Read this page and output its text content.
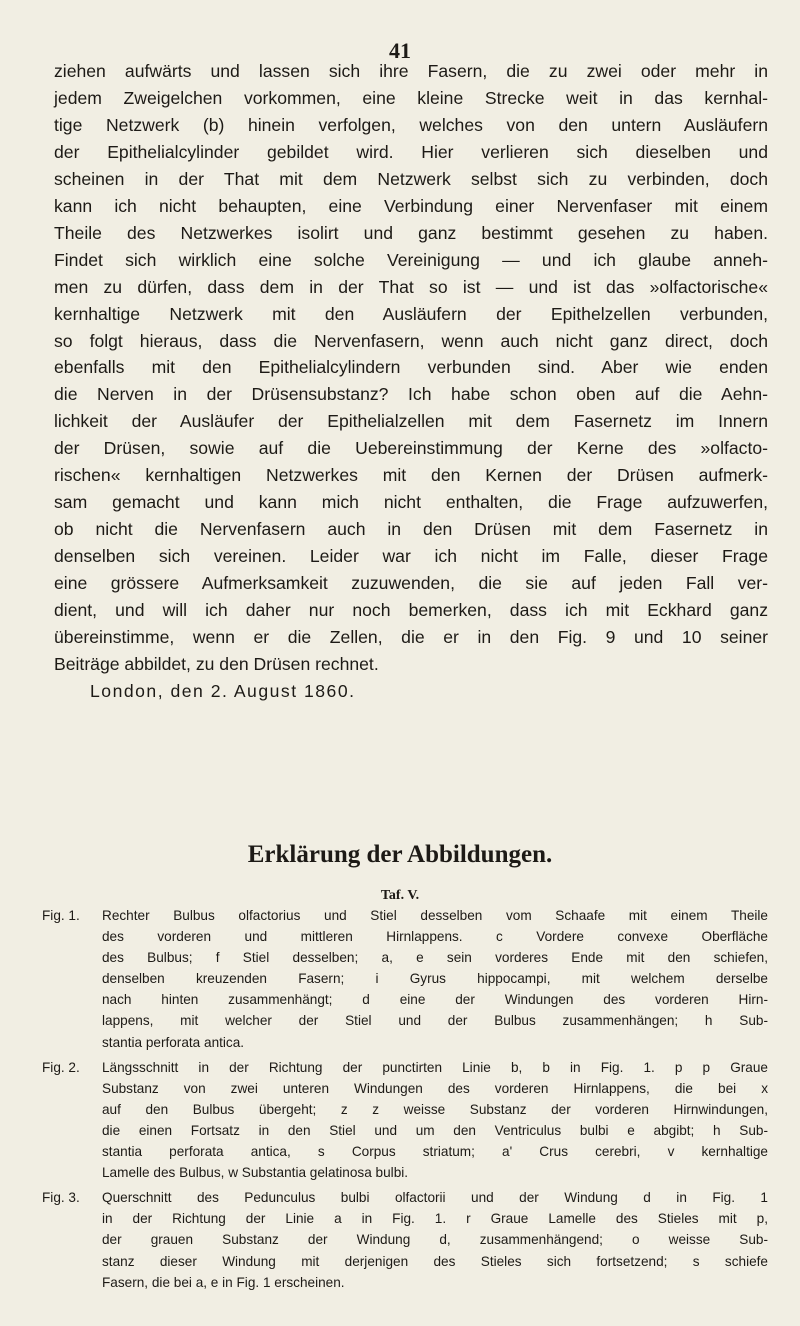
41
ziehen aufwärts und lassen sich ihre Fasern, die zu zwei oder mehr in
jedem Zweigelchen vorkommen, eine kleine Strecke weit in das kernhal-
tige Netzwerk (b) hinein verfolgen, welches von den untern Ausläufern
der Epithelialcylinder gebildet wird. Hier verlieren sich dieselben und
scheinen in der That mit dem Netzwerk selbst sich zu verbinden, doch
kann ich nicht behaupten, eine Verbindung einer Nervenfaser mit einem
Theile des Netzwerkes isolirt und ganz bestimmt gesehen zu haben.
Findet sich wirklich eine solche Vereinigung — und ich glaube anneh-
men zu dürfen, dass dem in der That so ist — und ist das »olfactorische«
kernhaltige Netzwerk mit den Ausläufern der Epithelzellen verbunden,
so folgt hieraus, dass die Nervenfasern, wenn auch nicht ganz direct, doch
ebenfalls mit den Epithelialcylindern verbunden sind. Aber wie enden
die Nerven in der Drüsensubstanz? Ich habe schon oben auf die Aehn-
lichkeit der Ausläufer der Epithelialzellen mit dem Fasernetz im Innern
der Drüsen, sowie auf die Uebereinstimmung der Kerne des »olfacto-
rischen« kernhaltigen Netzwerkes mit den Kernen der Drüsen aufmerk-
sam gemacht und kann mich nicht enthalten, die Frage aufzuwerfen,
ob nicht die Nervenfasern auch in den Drüsen mit dem Fasernetz in
denselben sich vereinen. Leider war ich nicht im Falle, dieser Frage
eine grössere Aufmerksamkeit zuzuwenden, die sie auf jeden Fall ver-
dient, und will ich daher nur noch bemerken, dass ich mit Eckhard ganz
übereinstimme, wenn er die Zellen, die er in den Fig. 9 und 10 seiner
Beiträge abbildet, zu den Drüsen rechnet.
London, den 2. August 1860.
Erklärung der Abbildungen.
Taf. V.
Fig. 1. Rechter Bulbus olfactorius und Stiel desselben vom Schaafe mit einem Theile
des vorderen und mittleren Hirnlappens. c Vordere convexe Oberfläche
des Bulbus; f Stiel desselben; a, e sein vorderes Ende mit den schiefen,
denselben kreuzenden Fasern; i Gyrus hippocampi, mit welchem derselbe
nach hinten zusammenhängt; d eine der Windungen des vorderen Hirn-
lappens, mit welcher der Stiel und der Bulbus zusammenhängen; h Sub-
stantia perforata antica.
Fig. 2. Längsschnitt in der Richtung der punctirten Linie b, b in Fig. 1. p p Graue
Substanz von zwei unteren Windungen des vorderen Hirnlappens, die bei x
auf den Bulbus übergeht; z z weisse Substanz der vorderen Hirnwindungen,
die einen Fortsatz in den Stiel und um den Ventriculus bulbi e abgibt; h Sub-
stantia perforata antica, s Corpus striatum; a' Crus cerebri, v kernhaltige
Lamelle des Bulbus, w Substantia gelatinosa bulbi.
Fig. 3. Querschnitt des Pedunculus bulbi olfactorii und der Windung d in Fig. 1
in der Richtung der Linie a in Fig. 1. r Graue Lamelle des Stieles mit p,
der grauen Substanz der Windung d, zusammenhängend; o weisse Sub-
stanz dieser Windung mit derjenigen des Stieles sich fortsetzend; s schiefe
Fasern, die bei a, e in Fig. 1 erscheinen.
